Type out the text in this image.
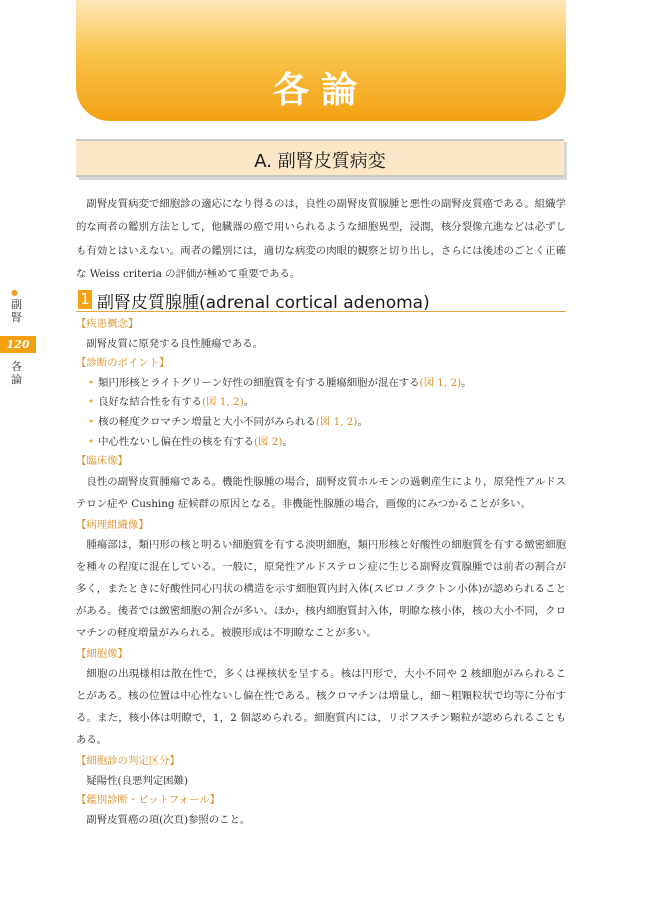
各論
A. 副腎皮質病変
副腎皮質病変で細胞診の適応になり得るのは，良性の副腎皮質腺腫と悪性の副腎皮質癌である。組織学的な両者の鑑別方法として，他臓器の癌で用いられるような細胞異型，浸潤，核分裂像亢進などは必ずしも有効とはいえない。両者の鑑別には，適切な病変の肉眼的観察と切り出し，さらには後述のごとく正確な Weiss criteria の評価が極めて重要である。
●
副腎
120
各論
1 副腎皮質腺腫(adrenal cortical adenoma)
【疾患概念】
副腎皮質に原発する良性腫瘍である。
【診断のポイント】
• 類円形核とライトグリーン好性の細胞質を有する腫瘍細胞が混在する(図 1, 2)。
• 良好な結合性を有する(図 1, 2)。
• 核の軽度クロマチン増量と大小不同がみられる(図 1, 2)。
• 中心性ないし偏在性の核を有する(図 2)。
【臨床像】
良性の副腎皮質腫瘍である。機能性腺腫の場合，副腎皮質ホルモンの過剰産生により，原発性アルドステロン症や Cushing 症候群の原因となる。非機能性腺腫の場合，画像的にみつかることが多い。
【病理組織像】
腫瘍部は，類円形の核と明るい細胞質を有する淡明細胞，類円形核と好酸性の細胞質を有する緻密細胞を種々の程度に混在している。一般に，原発性アルドステロン症に生じる副腎皮質腺腫では前者の割合が多く，またときに好酸性同心円状の構造を示す細胞質内封入体(スピロノラクトン小体)が認められることがある。後者では緻密細胞の割合が多い。ほか，核内細胞質封入体，明瞭な核小体，核の大小不同，クロマチンの軽度増量がみられる。被膜形成は不明瞭なことが多い。
【細胞像】
細胞の出現様相は散在性で，多くは裸核状を呈する。核は円形で，大小不同や 2 核細胞がみられることがある。核の位置は中心性ないし偏在性である。核クロマチンは増量し，細～粗顆粒状で均等に分布する。また，核小体は明瞭で，1，2 個認められる。細胞質内には，リポフスチン顆粒が認められることもある。
【細胞診の判定区分】
疑陽性(良悪判定困難)
【鑑別診断・ピットフォール】
副腎皮質癌の項(次頁)参照のこと。
